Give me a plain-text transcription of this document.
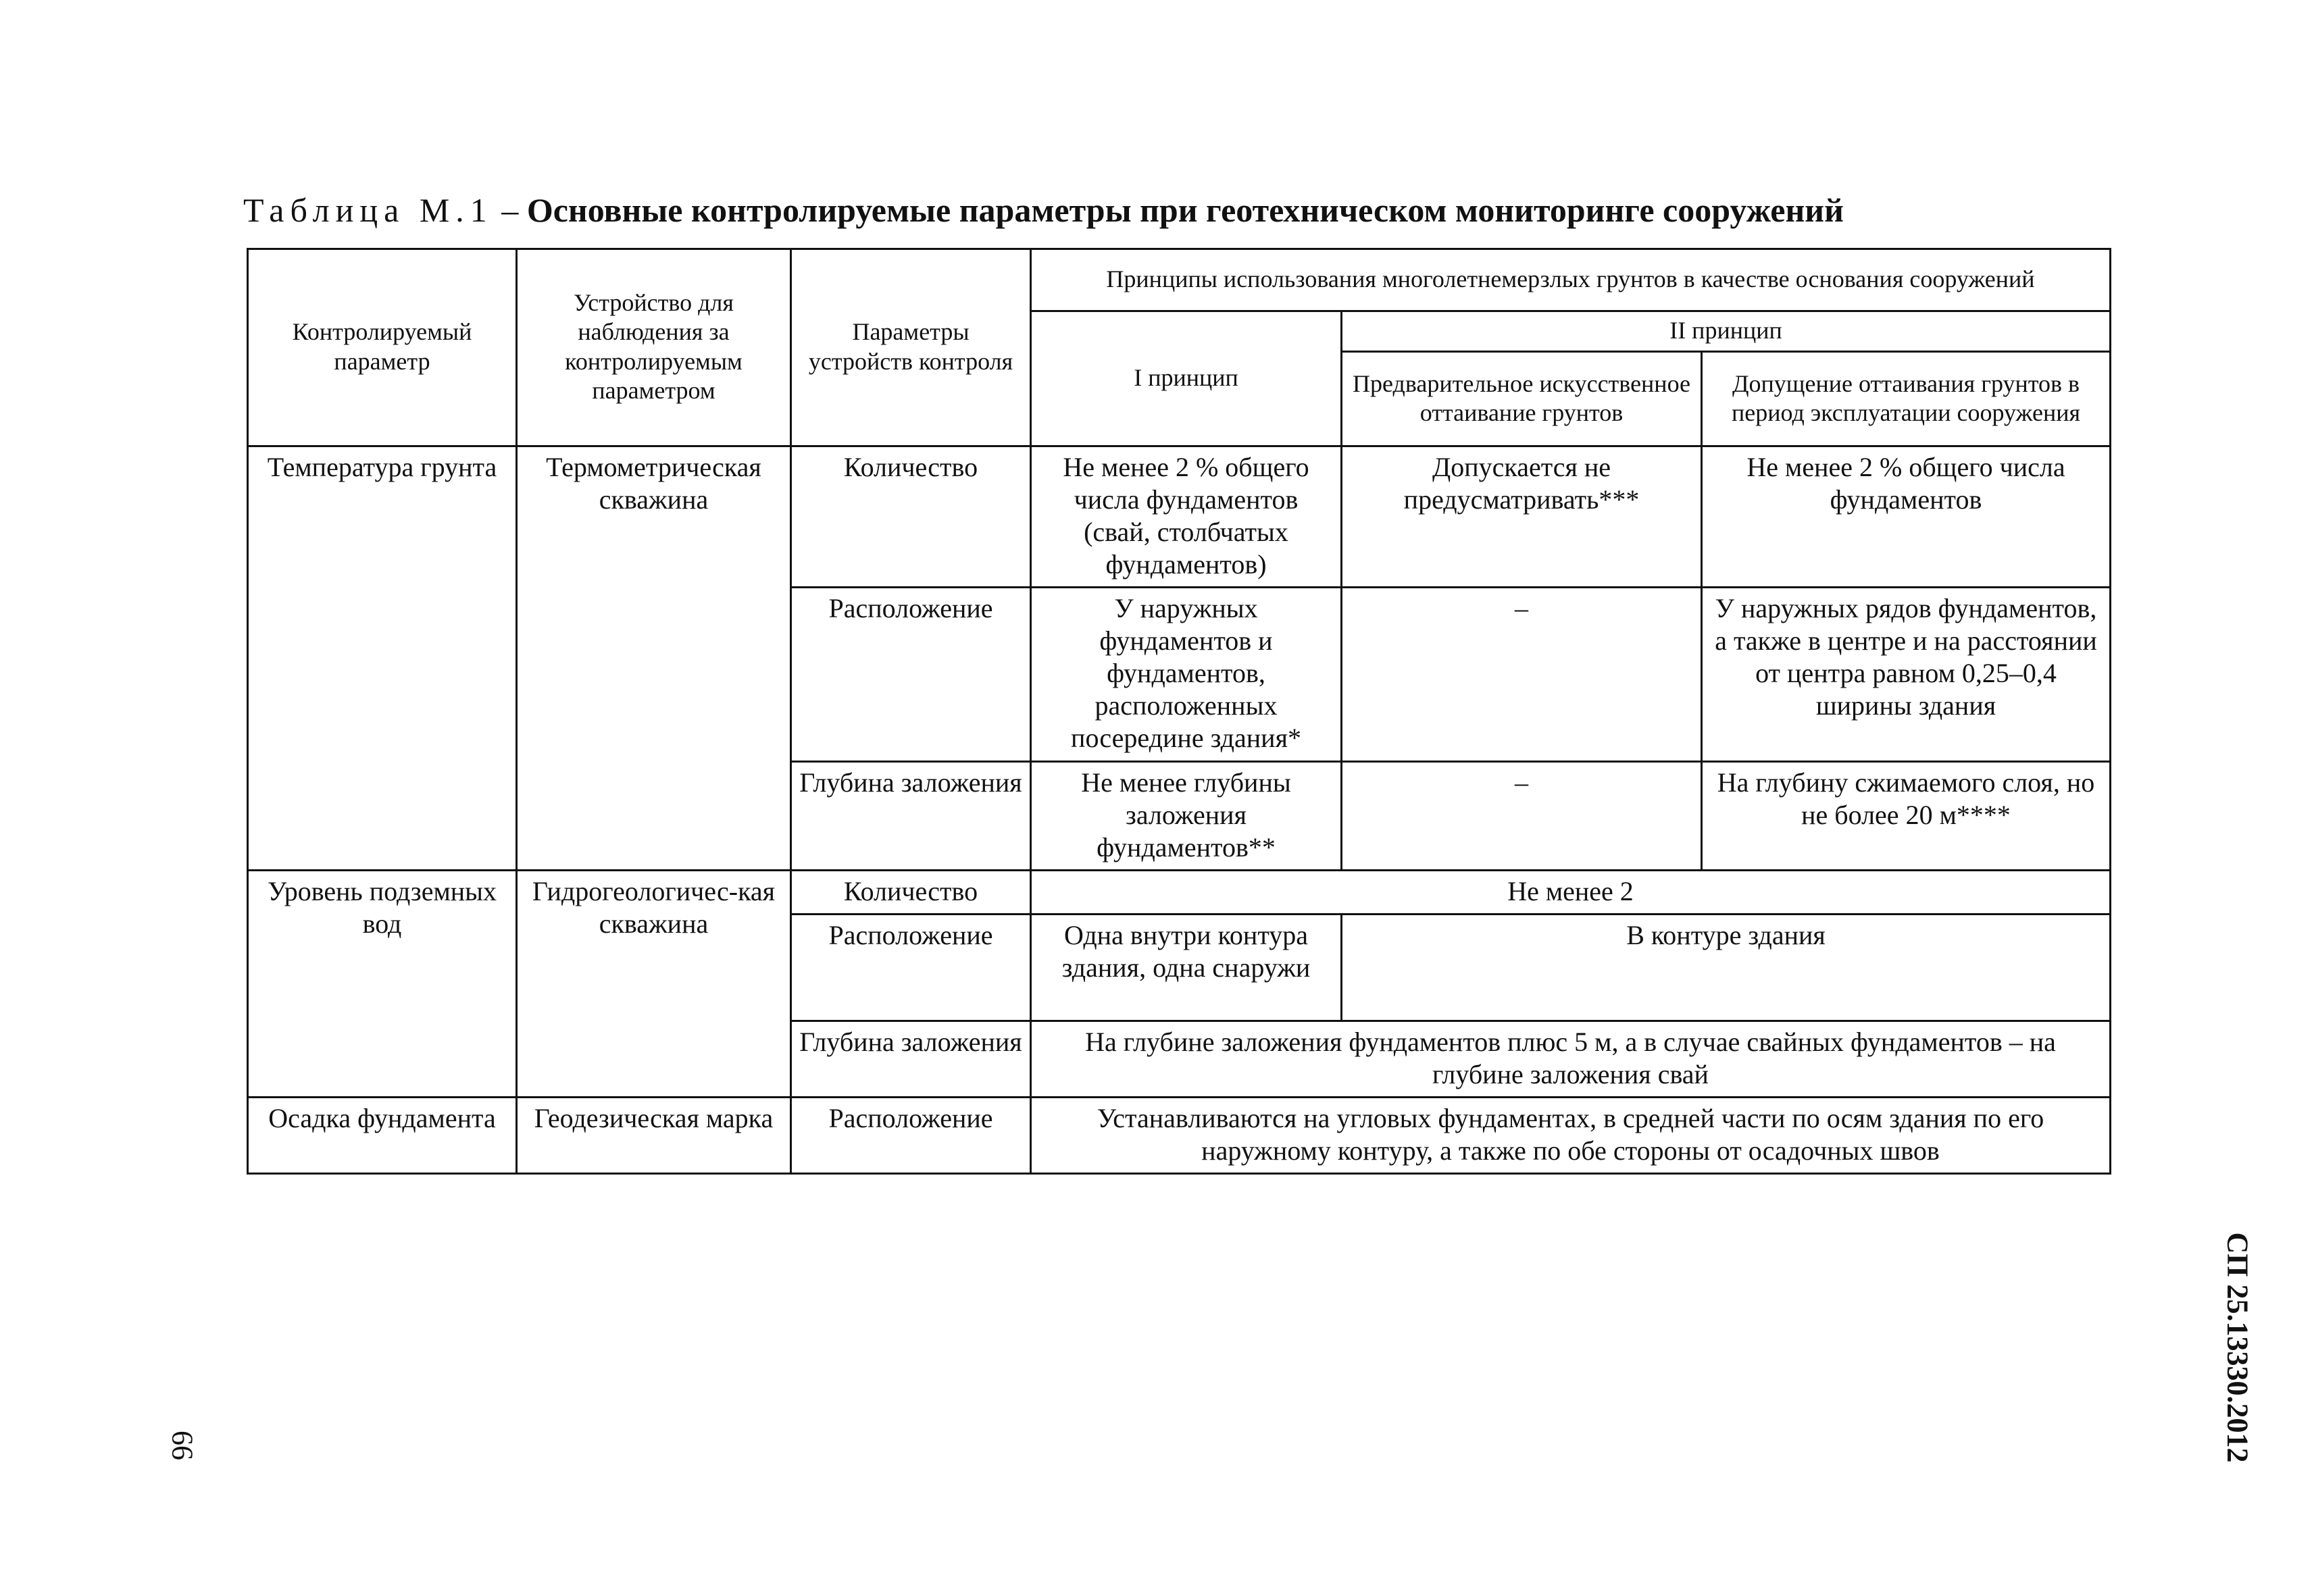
Таблица М.1 – Основные контролируемые параметры при геотехническом мониторинге сооружений
Контролируемый параметр	Устройство для наблюдения за контролируемым параметром	Параметры устройств контроля	Принципы использования многолетнемерзлых грунтов в качестве основания сооружений		
			I принцип	II принцип	
				Предварительное искусственное оттаивание грунтов	Допущение оттаивания грунтов в период эксплуатации сооружения
Температура грунта	Термометрическая скважина	Количество	Не менее 2 % общего числа фундаментов (свай, столбчатых фундаментов)	Допускается не предусматривать***	Не менее 2 % общего числа фундаментов
		Расположение	У наружных фундаментов и фундаментов, расположенных посередине здания*	–	У наружных рядов фундаментов, а также в центре и на расстоянии от центра равном 0,25–0,4 ширины здания
		Глубина заложения	Не менее глубины заложения фундаментов**	–	На глубину сжимаемого слоя, но не более 20 м****
Уровень подземных вод	Гидрогеологичес-кая скважина	Количество	Не менее 2		
		Расположение	Одна внутри контура здания, одна снаружи	В контуре здания	
		Глубина заложения	На глубине заложения фундаментов плюс 5 м, а в случае свайных фундаментов – на глубине заложения свай		
Осадка фундамента	Геодезическая марка	Расположение	Устанавливаются на угловых фундаментах, в средней части по осям здания по его наружному контуру, а также по обе стороны от осадочных швов		
СП 25.13330.2012
66
